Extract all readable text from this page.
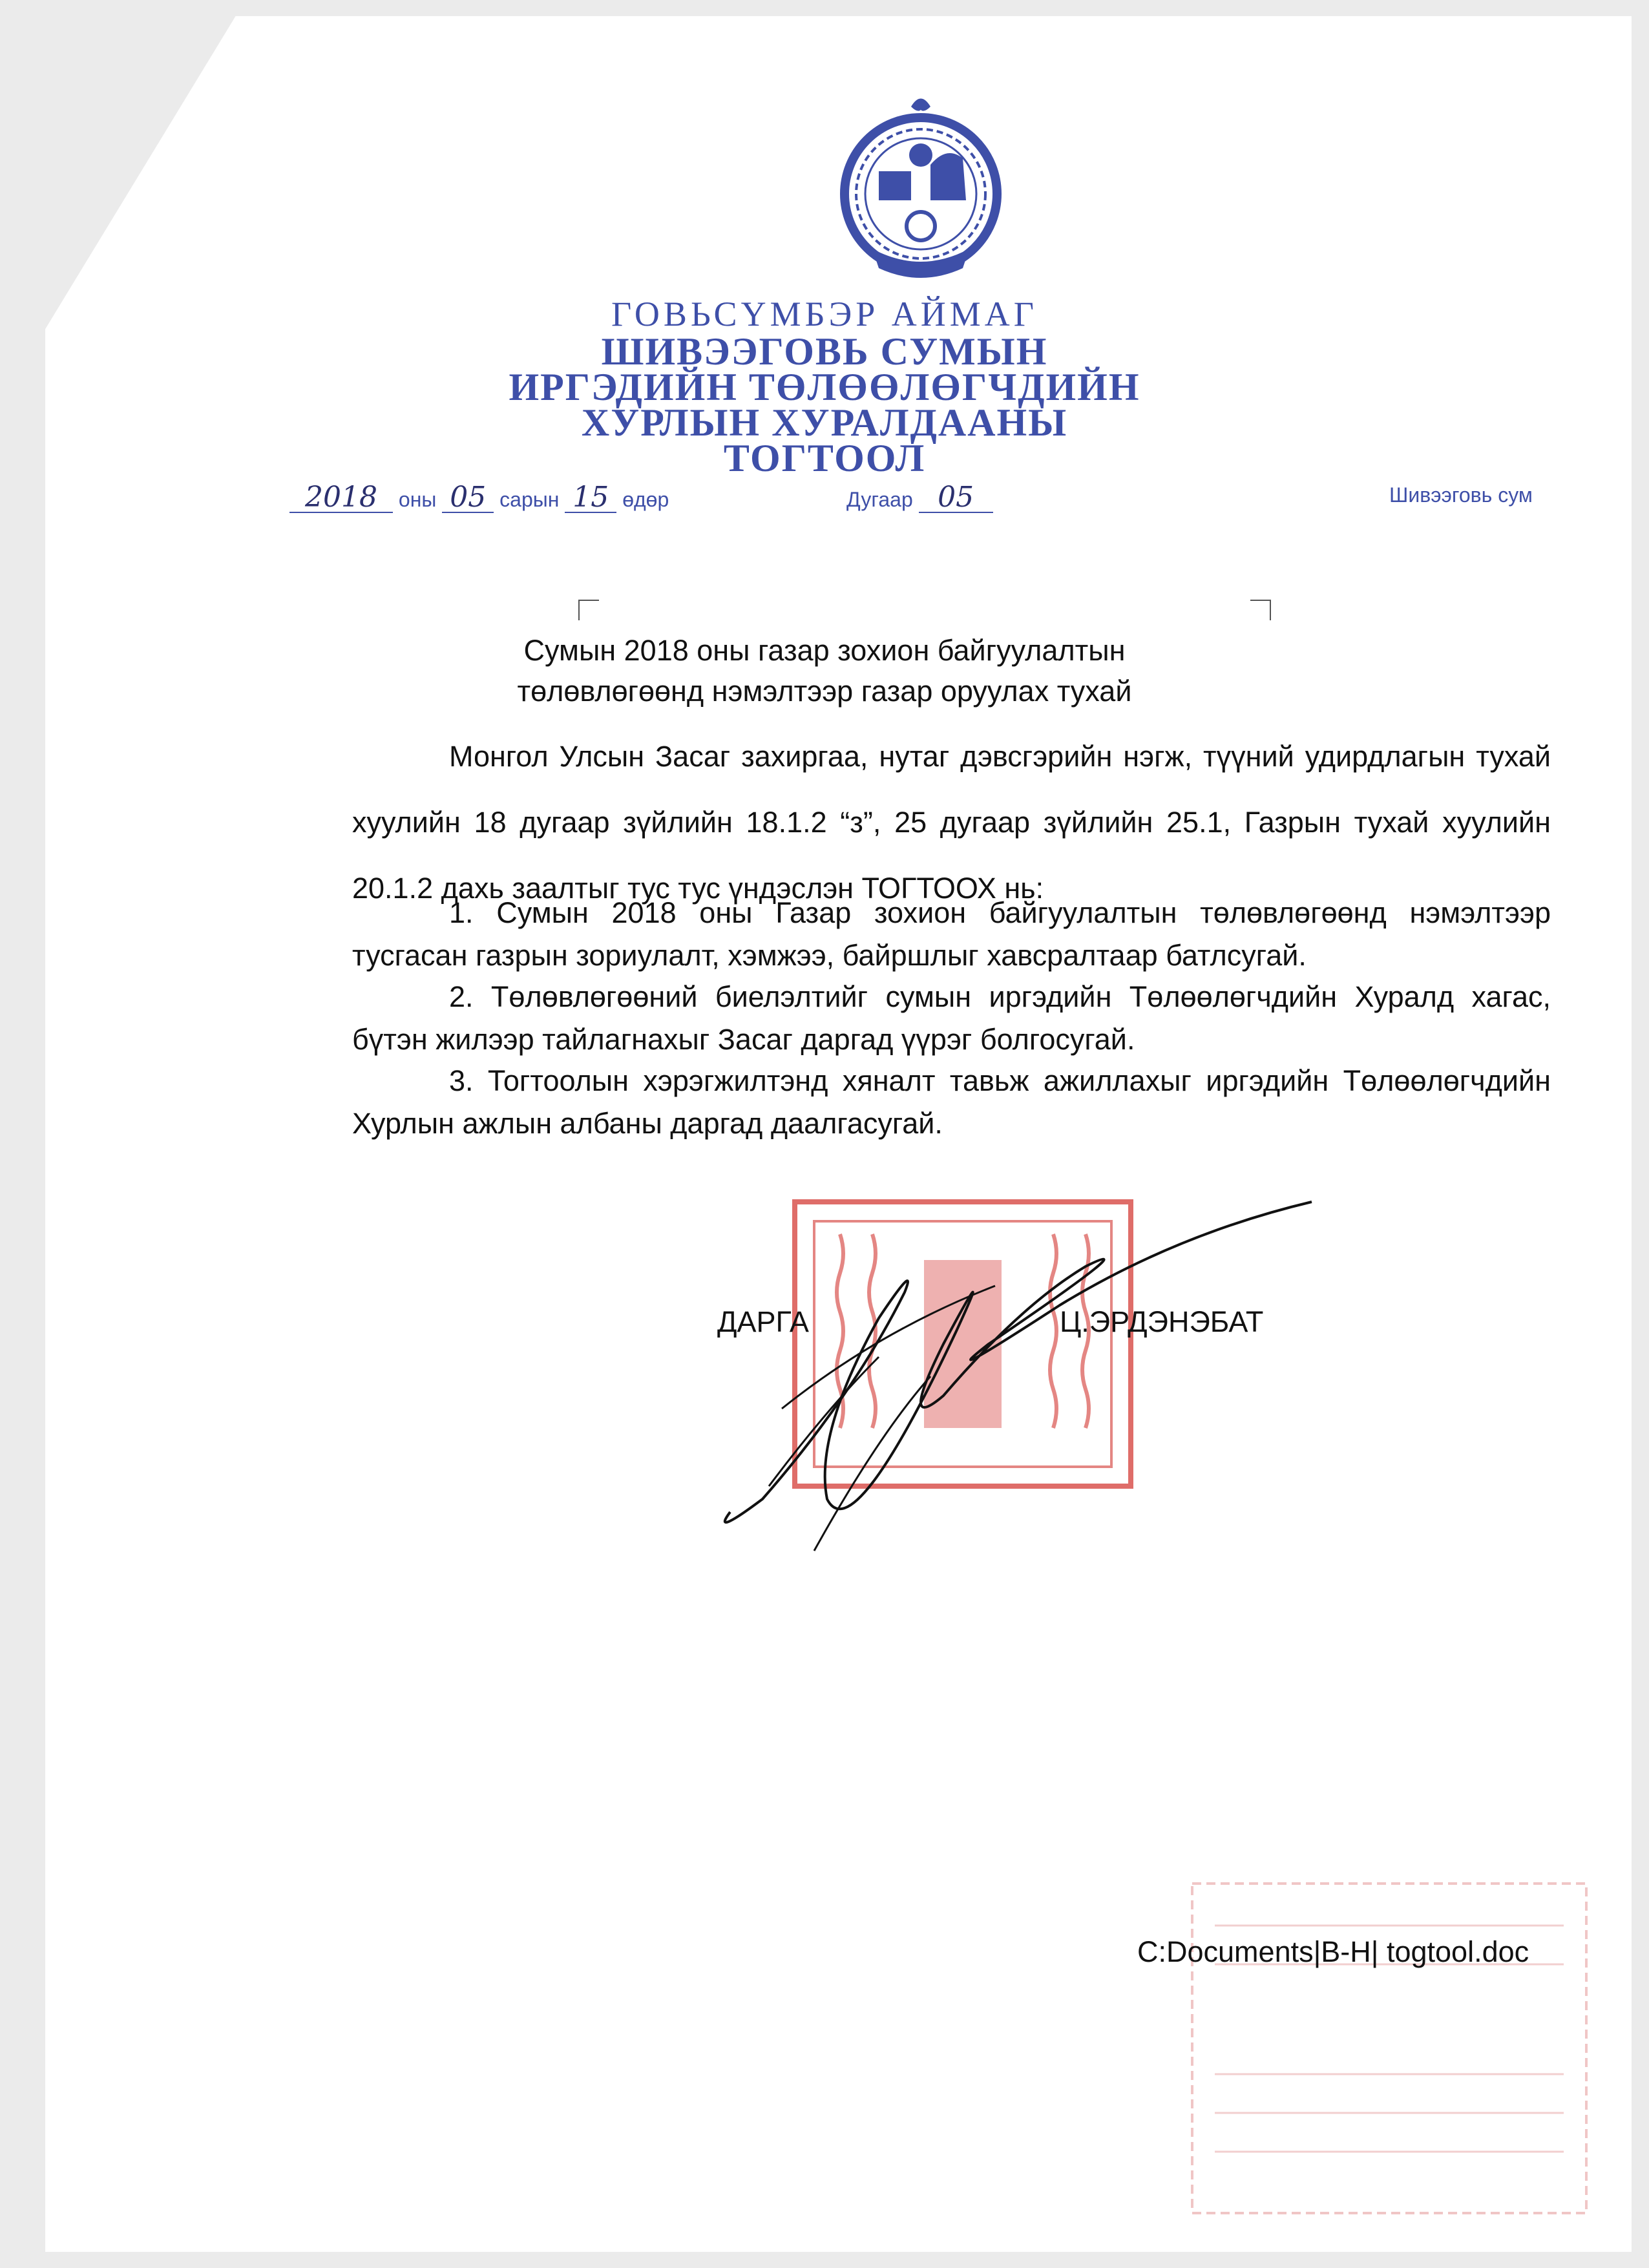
ГОВЬСҮМБЭР АЙМАГ
ШИВЭЭГОВЬ СУМЫН
ИРГЭДИЙН ТӨЛӨӨЛӨГЧДИЙН
ХУРЛЫН ХУРАЛДААНЫ
ТОГТООЛ
2018 оны 05 сарын 15 өдөр	Дугаар 05	Шивээговь сум
Сумын 2018 оны газар зохион байгуулалтын
төлөвлөгөөнд нэмэлтээр газар оруулах тухай
Монгол Улсын Засаг захиргаа, нутаг дэвсгэрийн нэгж, түүний удирдлагын тухай хуулийн 18 дугаар зүйлийн 18.1.2 “з”, 25 дугаар зүйлийн 25.1, Газрын тухай хуулийн 20.1.2 дахь заалтыг тус тус үндэслэн ТОГТООХ нь:
1. Сумын 2018 оны Газар зохион байгуулалтын төлөвлөгөөнд нэмэлтээр тусгасан газрын зориулалт, хэмжээ, байршлыг хавсралтаар батлсугай.
2. Төлөвлөгөөний биелэлтийг сумын иргэдийн Төлөөлөгчдийн Хуралд хагас, бүтэн жилээр тайлагнахыг Засаг даргад үүрэг болгосугай.
3. Тогтоолын хэрэгжилтэнд хяналт тавьж ажиллахыг иргэдийн Төлөөлөгчдийн Хурлын ажлын албаны даргад даалгасугай.
ДАРГА	Ц.ЭРДЭНЭБАТ
C:Documents|B-H| togtool.doc
